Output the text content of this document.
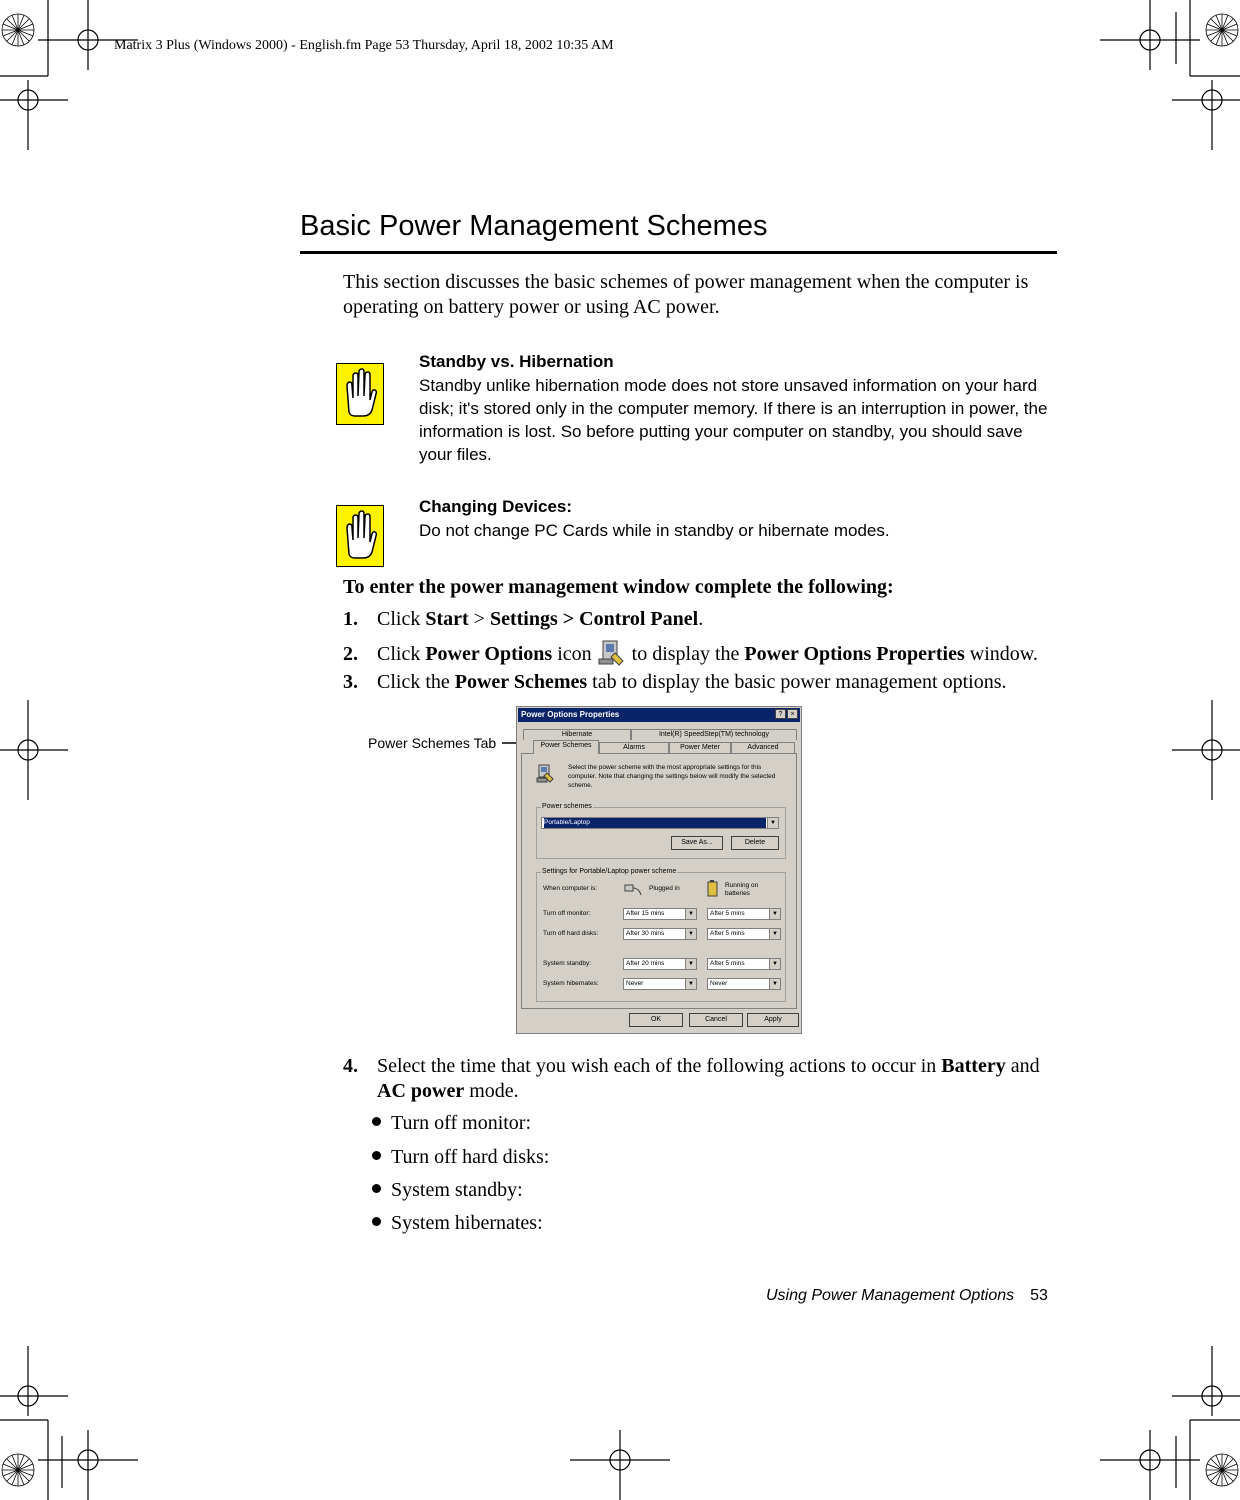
Matrix 3 Plus (Windows 2000) - English.fm Page 53 Thursday, April 18, 2002 10:35 AM
Basic Power Management Schemes
This section discusses the basic schemes of power management when the computer is operating on battery power or using AC power.
Standby vs. Hibernation
Standby unlike hibernation mode does not store unsaved information on your hard disk; it's stored only in the computer memory. If there is an interruption in power, the information is lost. So before putting your computer on standby, you should save your files.
Changing Devices:
Do not change PC Cards while in standby or hibernate modes.
To enter the power management window complete the following:
1. Click Start > Settings > Control Panel.
2. Click Power Options icon  to display the Power Options Properties window.
3. Click the Power Schemes tab to display the basic power management options.
Power Schemes Tab
Power Options Properties	?	×
Hibernate	Intel(R) SpeedStep(TM) technology
Power Schemes	Alarms	Power Meter	Advanced
Select the power scheme with the most appropriate settings for this computer. Note that changing the settings below will modify the selected scheme.
Power schemes
Portable/Laptop	▼
Save As...	Delete
Settings for Portable/Laptop power scheme
When computer is:	Plugged in	Running on batteries
Turn off monitor:	After 15 mins	▼	After 5 mins	▼
Turn off hard disks:	After 30 mins	▼	After 5 mins	▼
System standby:	After 20 mins	▼	After 5 mins	▼
System hibernates:	Never	▼	Never	▼
OK	Cancel	Apply
4. Select the time that you wish each of the following actions to occur in Battery and AC power mode.
Turn off monitor:
Turn off hard disks:
System standby:
System hibernates:
Using Power Management Options 53
